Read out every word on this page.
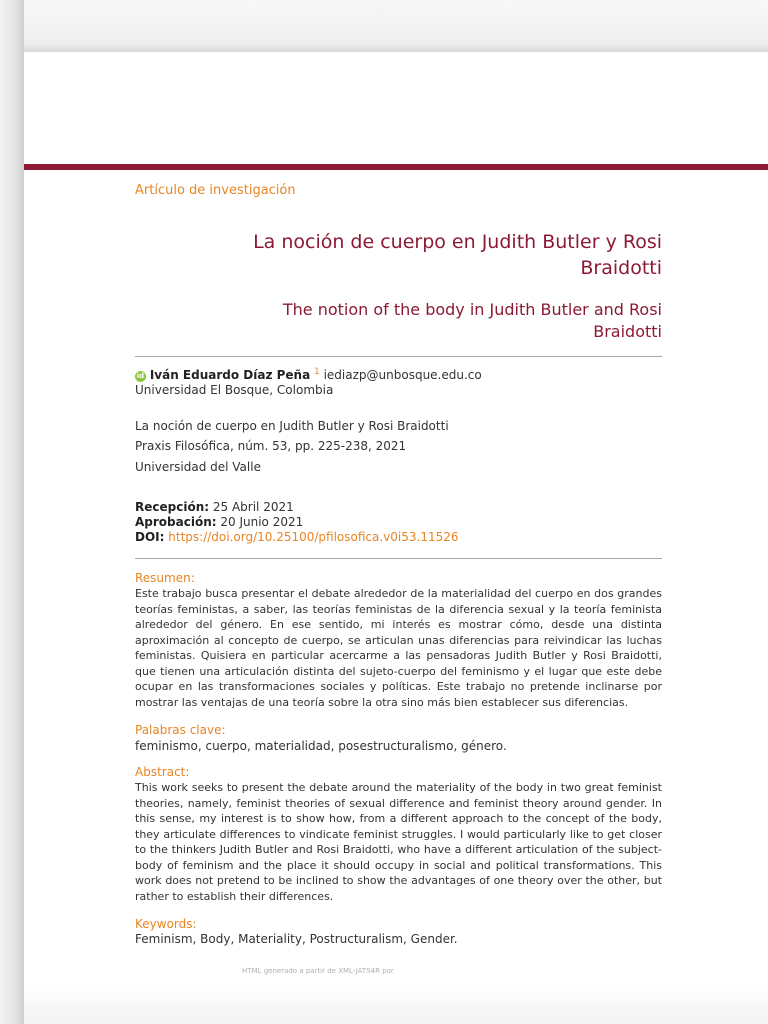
Artículo de investigación
La noción de cuerpo en Judith Butler y Rosi Braidotti
The notion of the body in Judith Butler and Rosi Braidotti
id Iván Eduardo Díaz Peña $^1$ iediazp@unbosque.edu.co
Universidad El Bosque, Colombia
La noción de cuerpo en Judith Butler y Rosi Braidotti
Praxis Filosófica, núm. 53, pp. 225-238, 2021
Universidad del Valle
Recepción: 25 Abril 2021
Aprobación: 20 Junio 2021
DOI: https://doi.org/10.25100/pfilosofica.v0i53.11526
Resumen:
Este trabajo busca presentar el debate alrededor de la materialidad del cuerpo en dos grandes teorías feministas, a saber, las teorías feministas de la diferencia sexual y la teoría feminista alrededor del género. En ese sentido, mi interés es mostrar cómo, desde una distinta aproximación al concepto de cuerpo, se articulan unas diferencias para reivindicar las luchas feministas. Quisiera en particular acercarme a las pensadoras Judith Butler y Rosi Braidotti, que tienen una articulación distinta del sujeto-cuerpo del feminismo y el lugar que este debe ocupar en las transformaciones sociales y políticas. Este trabajo no pretende inclinarse por mostrar las ventajas de una teoría sobre la otra sino más bien establecer sus diferencias.
Palabras clave:
feminismo, cuerpo, materialidad, posestructuralismo, género.
Abstract:
This work seeks to present the debate around the materiality of the body in two great feminist theories, namely, feminist theories of sexual difference and feminist theory around gender. In this sense, my interest is to show how, from a different approach to the concept of the body, they articulate differences to vindicate feminist struggles. I would particularly like to get closer to the thinkers Judith Butler and Rosi Braidotti, who have a different articulation of the subject-body of feminism and the place it should occupy in social and political transformations. This work does not pretend to be inclined to show the advantages of one theory over the other, but rather to establish their differences.
Keywords:
Feminism, Body, Materiality, Postructuralism, Gender.
HTML generado a partir de XML-JATS4R por
